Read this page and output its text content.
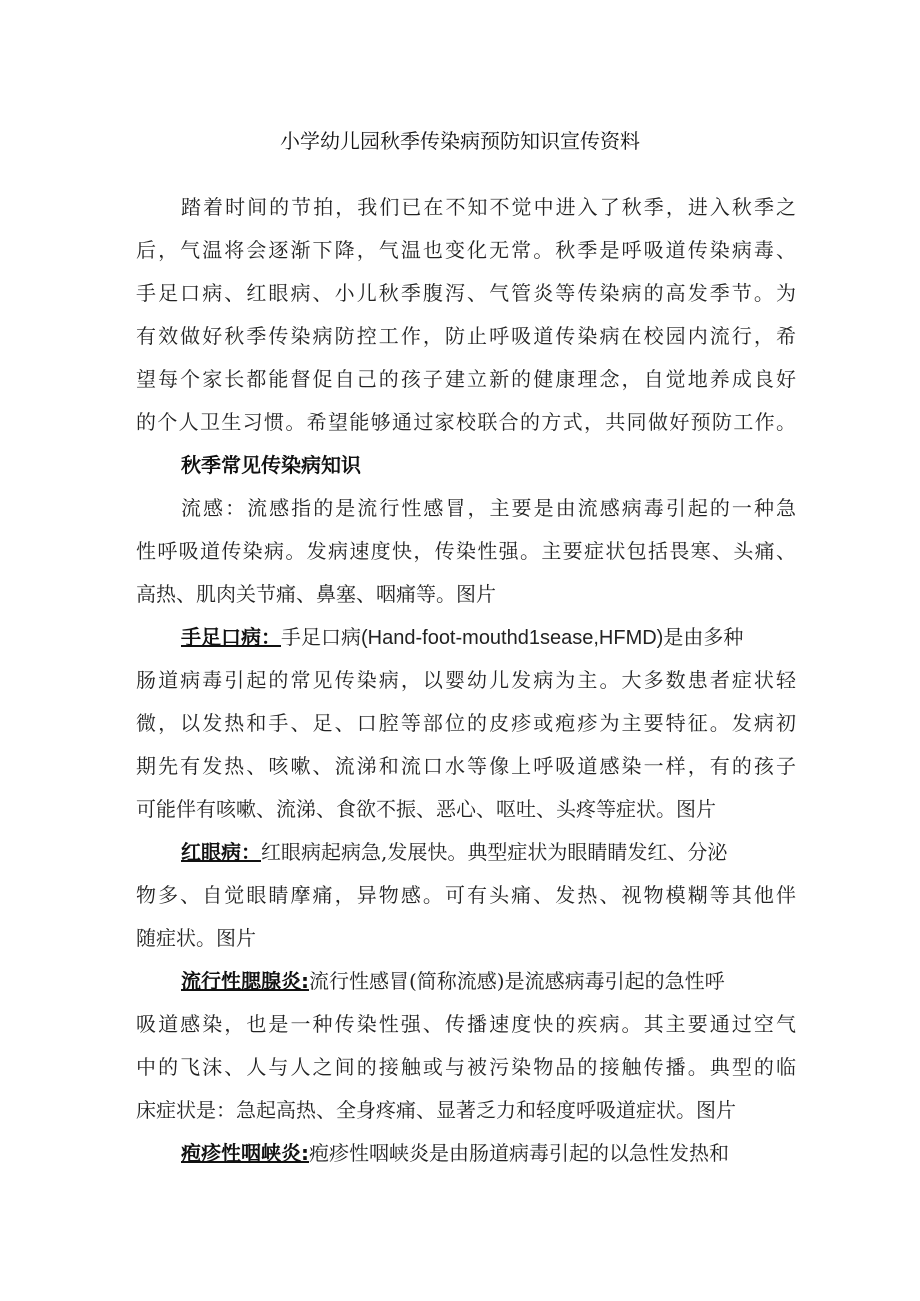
小学幼儿园秋季传染病预防知识宣传资料
踏着时间的节拍，我们已在不知不觉中进入了秋季，进入秋季之
后，气温将会逐渐下降，气温也变化无常。秋季是呼吸道传染病毒、
手足口病、红眼病、小儿秋季腹泻、气管炎等传染病的高发季节。为
有效做好秋季传染病防控工作，防止呼吸道传染病在校园内流行，希
望每个家长都能督促自己的孩子建立新的健康理念，自觉地养成良好
的个人卫生习惯。希望能够通过家校联合的方式，共同做好预防工作。
秋季常见传染病知识
流感：流感指的是流行性感冒，主要是由流感病毒引起的一种急
性呼吸道传染病。发病速度快，传染性强。主要症状包括畏寒、头痛、
高热、肌肉关节痛、鼻塞、咽痛等。图片
手足口病：手足口病(Hand-foot-mouthd1sease,HFMD)是由多种
肠道病毒引起的常见传染病，以婴幼儿发病为主。大多数患者症状轻
微，以发热和手、足、口腔等部位的皮疹或疱疹为主要特征。发病初
期先有发热、咳嗽、流涕和流口水等像上呼吸道感染一样，有的孩子
可能伴有咳嗽、流涕、食欲不振、恶心、呕吐、头疼等症状。图片
红眼病：红眼病起病急,发展快。典型症状为眼睛睛发红、分泌
物多、自觉眼睛摩痛，异物感。可有头痛、发热、视物模糊等其他伴
随症状。图片
流行性腮腺炎:流行性感冒(简称流感)是流感病毒引起的急性呼
吸道感染，也是一种传染性强、传播速度快的疾病。其主要通过空气
中的飞沫、人与人之间的接触或与被污染物品的接触传播。典型的临
床症状是：急起高热、全身疼痛、显著乏力和轻度呼吸道症状。图片
疱疹性咽峡炎:疱疹性咽峡炎是由肠道病毒引起的以急性发热和
